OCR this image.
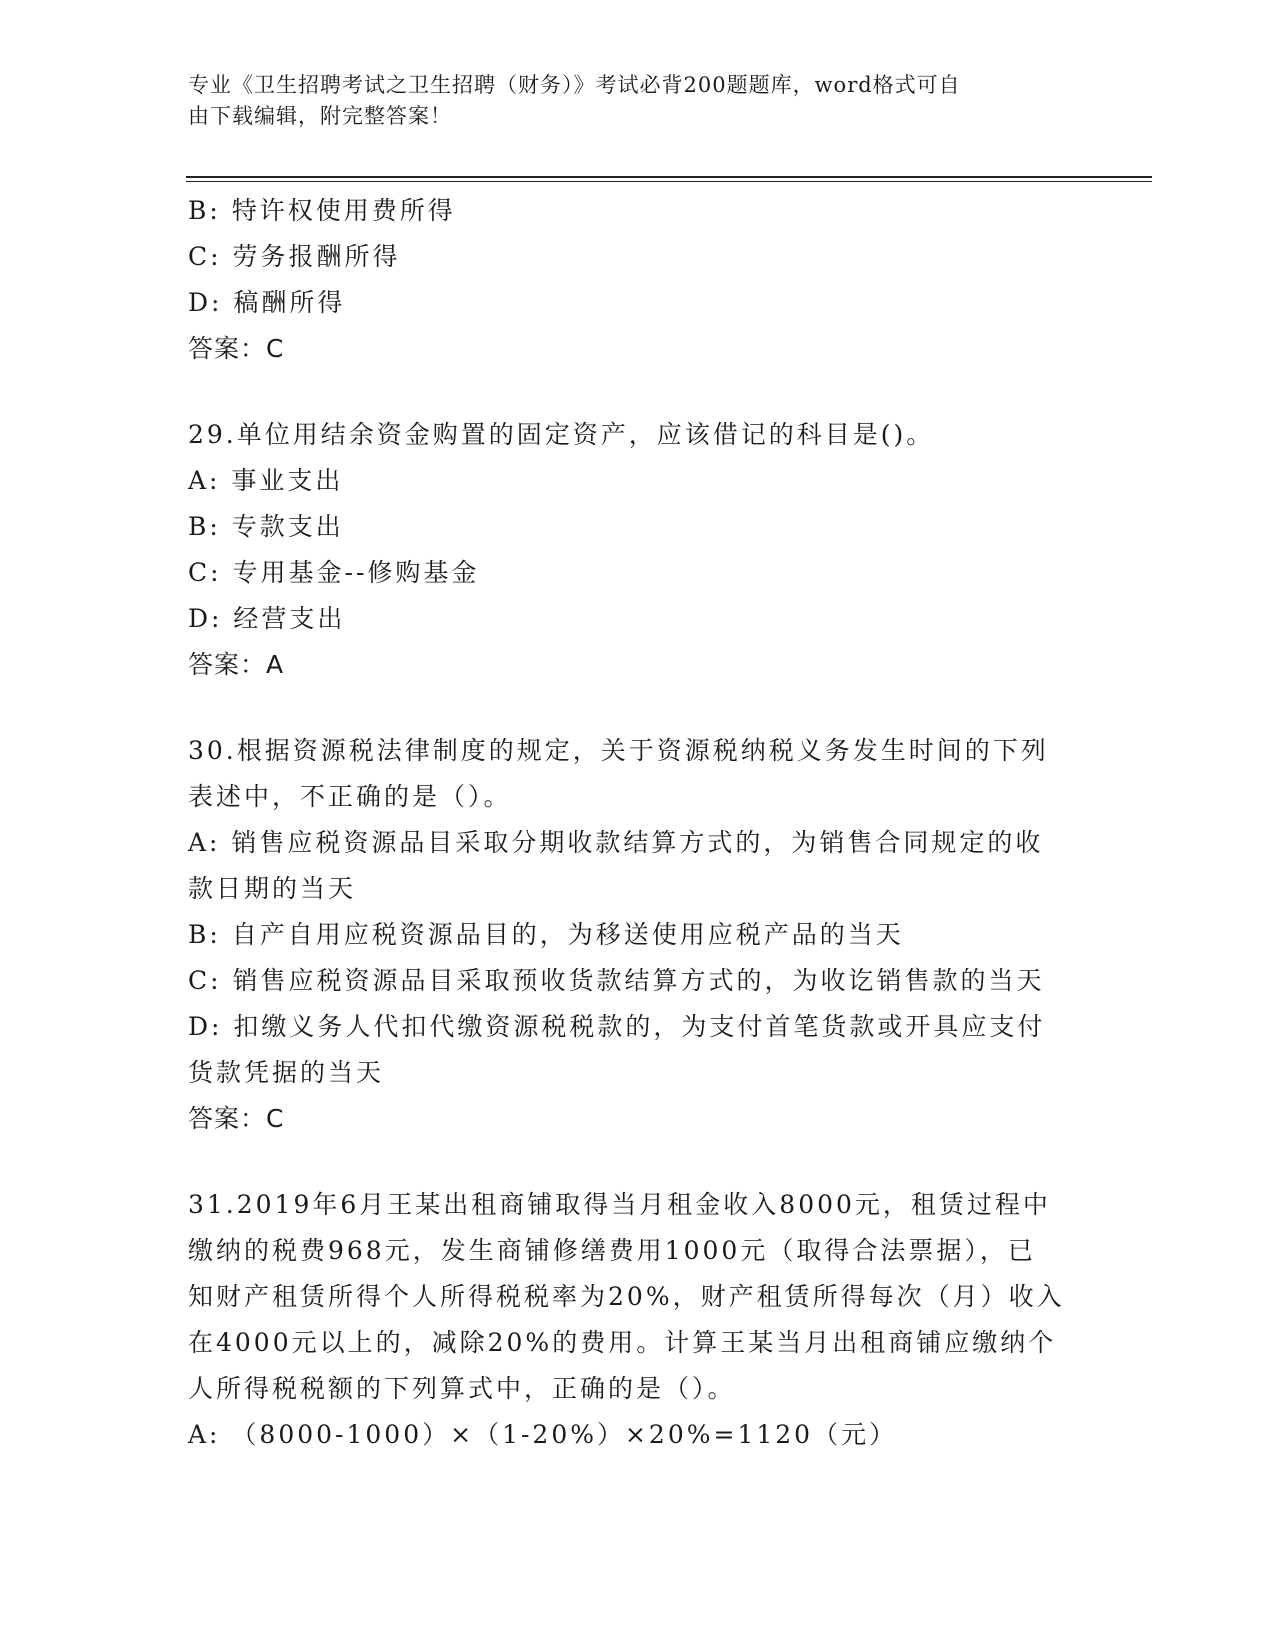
专业《卫生招聘考试之卫生招聘（财务）》考试必背200题题库，word格式可自
由下载编辑，附完整答案！
B: 特许权使用费所得
C: 劳务报酬所得
D: 稿酬所得
答案：C
29.单位用结余资金购置的固定资产，应该借记的科目是()。
A: 事业支出
B: 专款支出
C: 专用基金--修购基金
D: 经营支出
答案：A
30.根据资源税法律制度的规定，关于资源税纳税义务发生时间的下列
表述中，不正确的是（）。
A: 销售应税资源品目采取分期收款结算方式的，为销售合同规定的收
款日期的当天
B: 自产自用应税资源品目的，为移送使用应税产品的当天
C: 销售应税资源品目采取预收货款结算方式的，为收讫销售款的当天
D: 扣缴义务人代扣代缴资源税税款的，为支付首笔货款或开具应支付
货款凭据的当天
答案：C
31.2019年6月王某出租商铺取得当月租金收入8000元，租赁过程中
缴纳的税费968元，发生商铺修缮费用1000元（取得合法票据），已
知财产租赁所得个人所得税税率为20%，财产租赁所得每次（月）收入
在4000元以上的，减除20%的费用。计算王某当月出租商铺应缴纳个
人所得税税额的下列算式中，正确的是（）。
A: （8000-1000）×（1-20%）×20%=1120（元）
